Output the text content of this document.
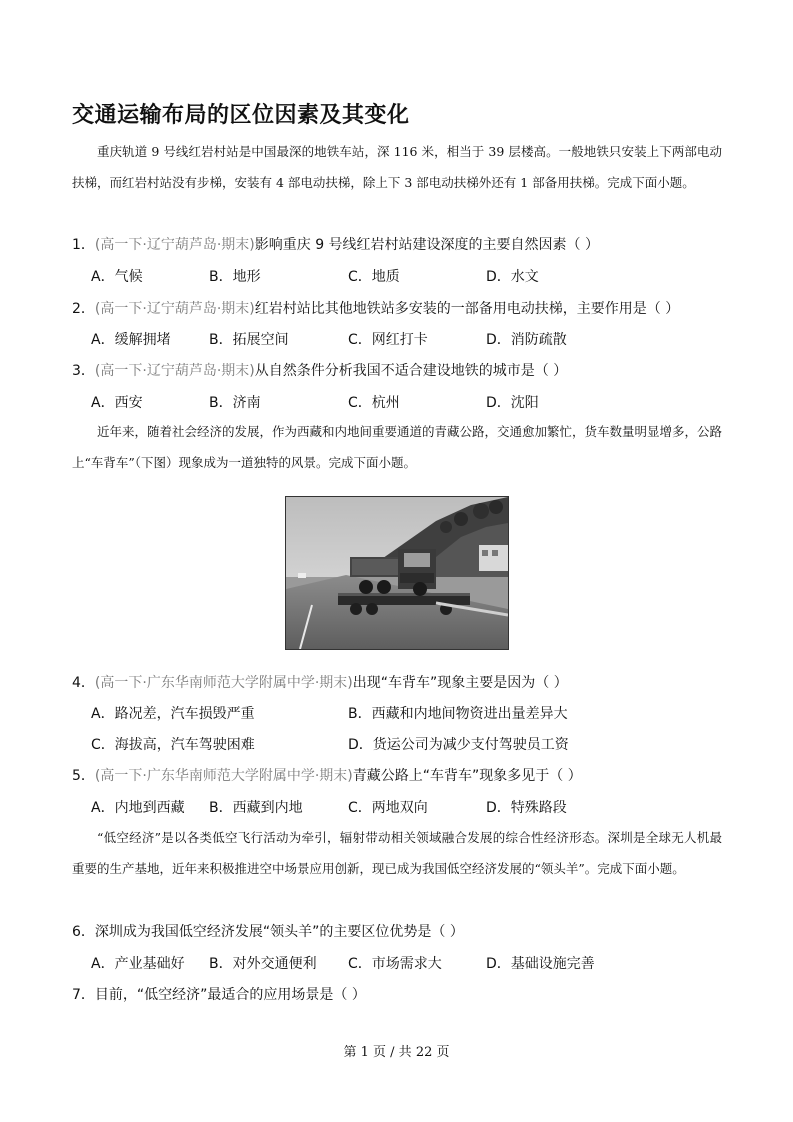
交通运输布局的区位因素及其变化
重庆轨道 9 号线红岩村站是中国最深的地铁车站，深 116 米，相当于 39 层楼高。一般地铁只安装上下两部电动扶梯，而红岩村站没有步梯，安装有 4 部电动扶梯，除上下 3 部电动扶梯外还有 1 部备用扶梯。完成下面小题。
1．(高一下·辽宁葫芦岛·期末)影响重庆 9 号线红岩村站建设深度的主要自然因素（ ）
A．气候	B．地形	C．地质	D．水文
2．(高一下·辽宁葫芦岛·期末)红岩村站比其他地铁站多安装的一部备用电动扶梯，主要作用是（ ）
A．缓解拥堵	B．拓展空间	C．网红打卡	D．消防疏散
3．(高一下·辽宁葫芦岛·期末)从自然条件分析我国不适合建设地铁的城市是（ ）
A．西安	B．济南	C．杭州	D．沈阳
近年来，随着社会经济的发展，作为西藏和内地间重要通道的青藏公路，交通愈加繁忙，货车数量明显增多，公路上“车背车”（下图）现象成为一道独特的风景。完成下面小题。
4．(高一下·广东华南师范大学附属中学·期末)出现“车背车”现象主要是因为（ ）
A．路况差，汽车损毁严重	B．西藏和内地间物资进出量差异大
C．海拔高，汽车驾驶困难	D．货运公司为减少支付驾驶员工资
5．(高一下·广东华南师范大学附属中学·期末)青藏公路上“车背车”现象多见于（ ）
A．内地到西藏 B．西藏到内地	C．两地双向	D．特殊路段
“低空经济”是以各类低空飞行活动为牵引，辐射带动相关领域融合发展的综合性经济形态。深圳是全球无人机最重要的生产基地，近年来积极推进空中场景应用创新，现已成为我国低空经济发展的“领头羊”。完成下面小题。
6．深圳成为我国低空经济发展“领头羊”的主要区位优势是（ ）
A．产业基础好 B．对外交通便利 C．市场需求大	D．基础设施完善
7．目前，“低空经济”最适合的应用场景是（ ）
第 1 页 / 共 22 页
